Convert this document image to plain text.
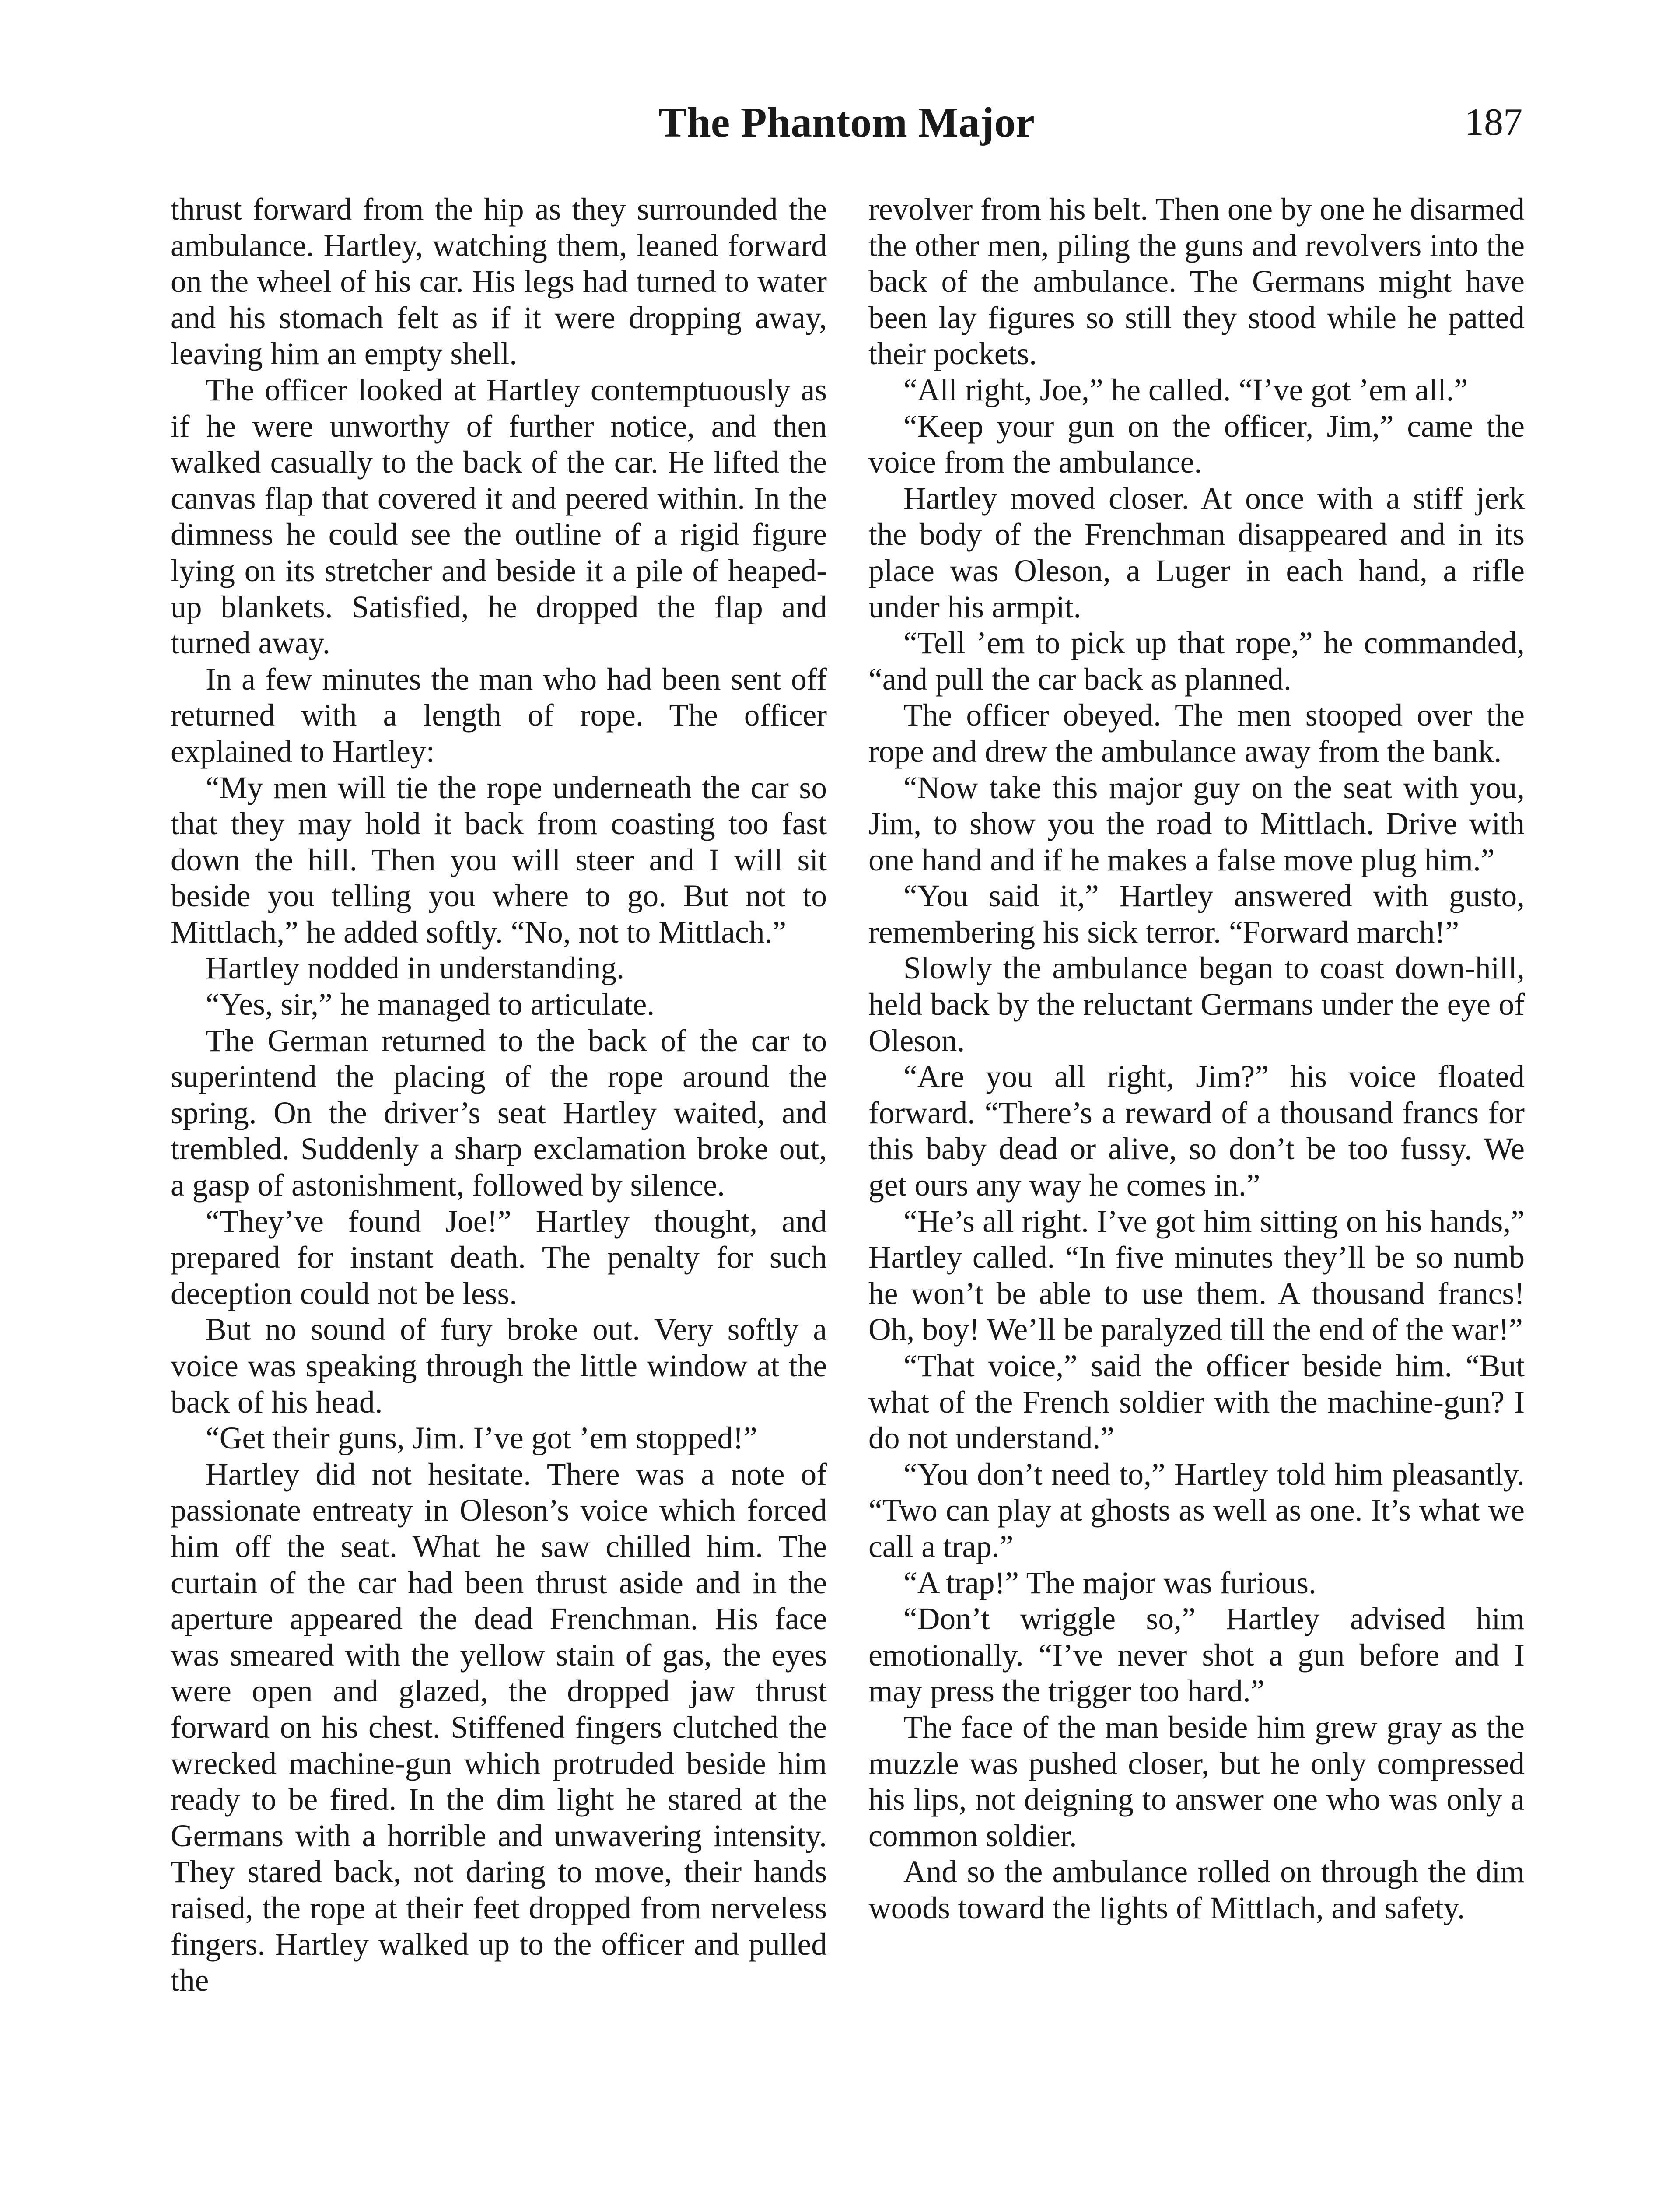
The Phantom Major	187

thrust forward from the hip as they surrounded the ambulance. Hartley, watching them, leaned forward on the wheel of his car. His legs had turned to water and his stomach felt as if it were dropping away, leaving him an empty shell.

The officer looked at Hartley contemptuously as if he were unworthy of further notice, and then walked casually to the back of the car. He lifted the canvas flap that covered it and peered within. In the dimness he could see the outline of a rigid figure lying on its stretcher and beside it a pile of heaped-up blankets. Satisfied, he dropped the flap and turned away.

In a few minutes the man who had been sent off returned with a length of rope. The officer explained to Hartley:

“My men will tie the rope underneath the car so that they may hold it back from coasting too fast down the hill. Then you will steer and I will sit beside you telling you where to go. But not to Mittlach,” he added softly. “No, not to Mittlach.”

Hartley nodded in understanding.

“Yes, sir,” he managed to articulate.

The German returned to the back of the car to superintend the placing of the rope around the spring. On the driver’s seat Hartley waited, and trembled. Suddenly a sharp exclamation broke out, a gasp of astonishment, followed by silence.

“They’ve found Joe!” Hartley thought, and prepared for instant death. The penalty for such deception could not be less.

But no sound of fury broke out. Very softly a voice was speaking through the little window at the back of his head.

“Get their guns, Jim. I’ve got ’em stopped!”

Hartley did not hesitate. There was a note of passionate entreaty in Oleson’s voice which forced him off the seat. What he saw chilled him. The curtain of the car had been thrust aside and in the aperture appeared the dead Frenchman. His face was smeared with the yellow stain of gas, the eyes were open and glazed, the dropped jaw thrust forward on his chest. Stiffened fingers clutched the wrecked machine-gun which protruded beside him ready to be fired. In the dim light he stared at the Germans with a horrible and unwavering intensity. They stared back, not daring to move, their hands raised, the rope at their feet dropped from nerveless fingers. Hartley walked up to the officer and pulled the

revolver from his belt. Then one by one he disarmed the other men, piling the guns and revolvers into the back of the ambulance. The Germans might have been lay figures so still they stood while he patted their pockets.

“All right, Joe,” he called. “I’ve got ’em all.”

“Keep your gun on the officer, Jim,” came the voice from the ambulance.

Hartley moved closer. At once with a stiff jerk the body of the Frenchman disappeared and in its place was Oleson, a Luger in each hand, a rifle under his armpit.

“Tell ’em to pick up that rope,” he commanded, “and pull the car back as planned.

The officer obeyed. The men stooped over the rope and drew the ambulance away from the bank.

“Now take this major guy on the seat with you, Jim, to show you the road to Mittlach. Drive with one hand and if he makes a false move plug him.”

“You said it,” Hartley answered with gusto, remembering his sick terror. “Forward march!”

Slowly the ambulance began to coast down-hill, held back by the reluctant Germans under the eye of Oleson.

“Are you all right, Jim?” his voice floated forward. “There’s a reward of a thousand francs for this baby dead or alive, so don’t be too fussy. We get ours any way he comes in.”

“He’s all right. I’ve got him sitting on his hands,” Hartley called. “In five minutes they’ll be so numb he won’t be able to use them. A thousand francs! Oh, boy! We’ll be paralyzed till the end of the war!”

“That voice,” said the officer beside him. “But what of the French soldier with the machine-gun? I do not understand.”

“You don’t need to,” Hartley told him pleasantly. “Two can play at ghosts as well as one. It’s what we call a trap.”

“A trap!” The major was furious.

“Don’t wriggle so,” Hartley advised him emotionally. “I’ve never shot a gun before and I may press the trigger too hard.”

The face of the man beside him grew gray as the muzzle was pushed closer, but he only compressed his lips, not deigning to answer one who was only a common soldier.

And so the ambulance rolled on through the dim woods toward the lights of Mittlach, and safety.
